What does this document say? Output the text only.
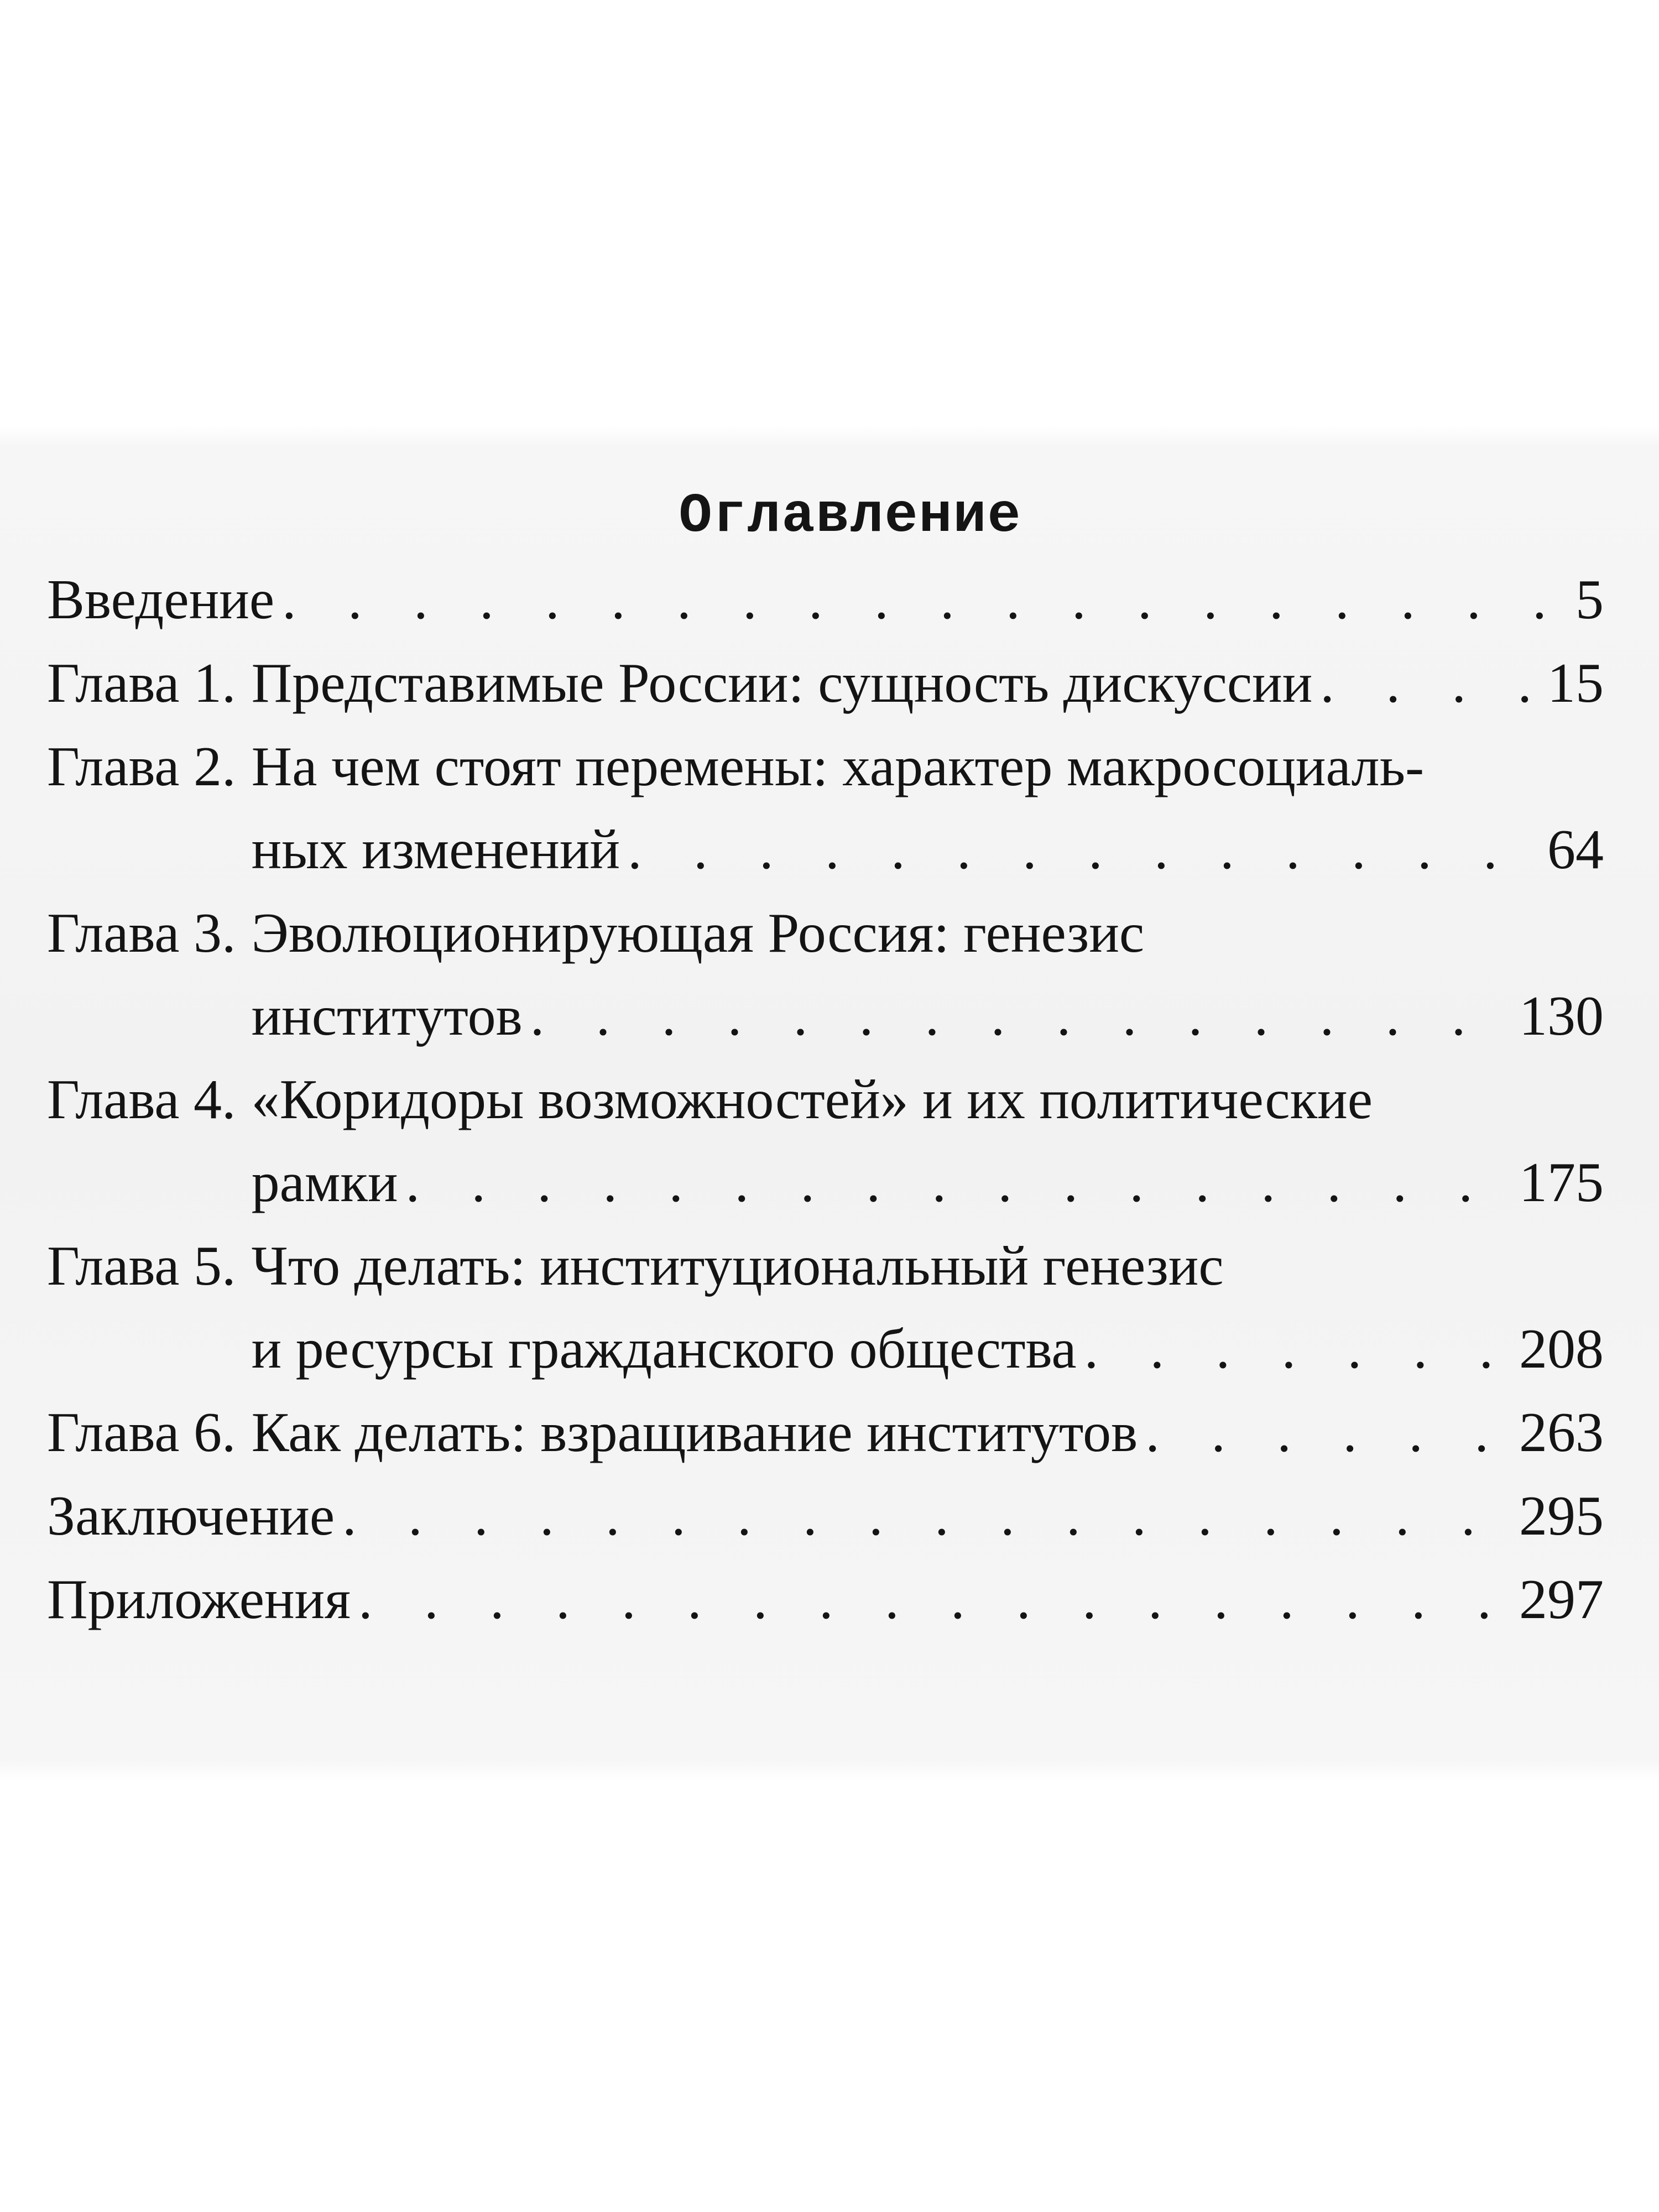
Оглавление
Введение . . .	5
Глава 1. Представимые России: сущность дискуссии . . .	15
Глава 2. На чем стоят перемены: характер макросоциаль-
ных изменений . . .	64
Глава 3. Эволюционирующая Россия: генезис
институтов . . .	130
Глава 4. «Коридоры возможностей» и их политические
рамки . . .	175
Глава 5. Что делать: институциональный генезис
и ресурсы гражданского общества . . .	208
Глава 6. Как делать: взращивание институтов . . .	263
Заключение . . .	295
Приложения . . .	297
